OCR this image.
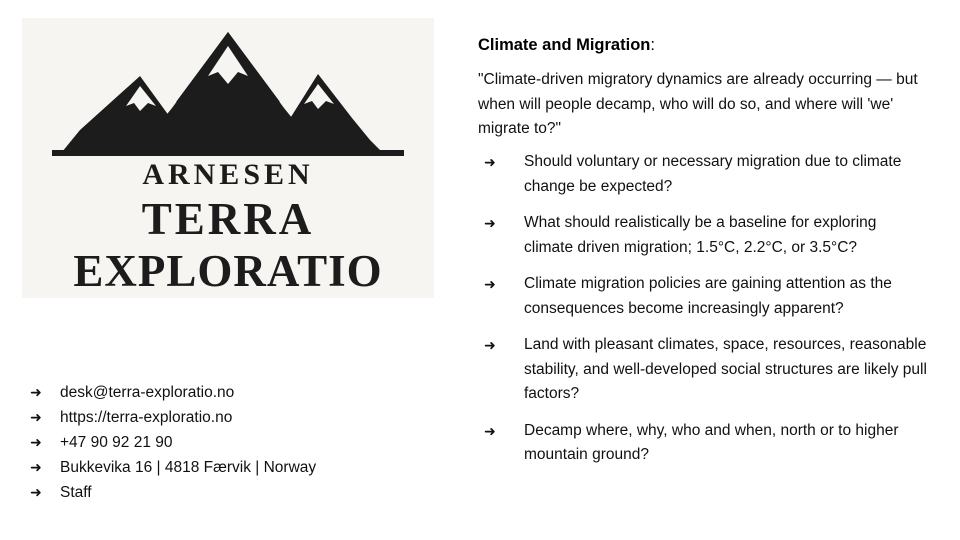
ARNESEN
TERRA
EXPLORATIO
➜	desk@terra-exploratio.no
➜	https://terra-exploratio.no
➜	+47 90 92 21 90
➜	Bukkevika 16 | 4818 Færvik | Norway
➜	Staff
Climate and Migration:
"Climate-driven migratory dynamics are already occurring — but when will people decamp, who will do so, and where will 'we' migrate to?"
➜	Should voluntary or necessary migration due to climate change be expected?
➜	What should realistically be a baseline for exploring climate driven migration; 1.5°C, 2.2°C, or 3.5°C?
➜	Climate migration policies are gaining attention as the consequences become increasingly apparent?
➜	Land with pleasant climates, space, resources, reasonable stability, and well-developed social structures are likely pull factors?
➜	Decamp where, why, who and when, north or to higher mountain ground?
